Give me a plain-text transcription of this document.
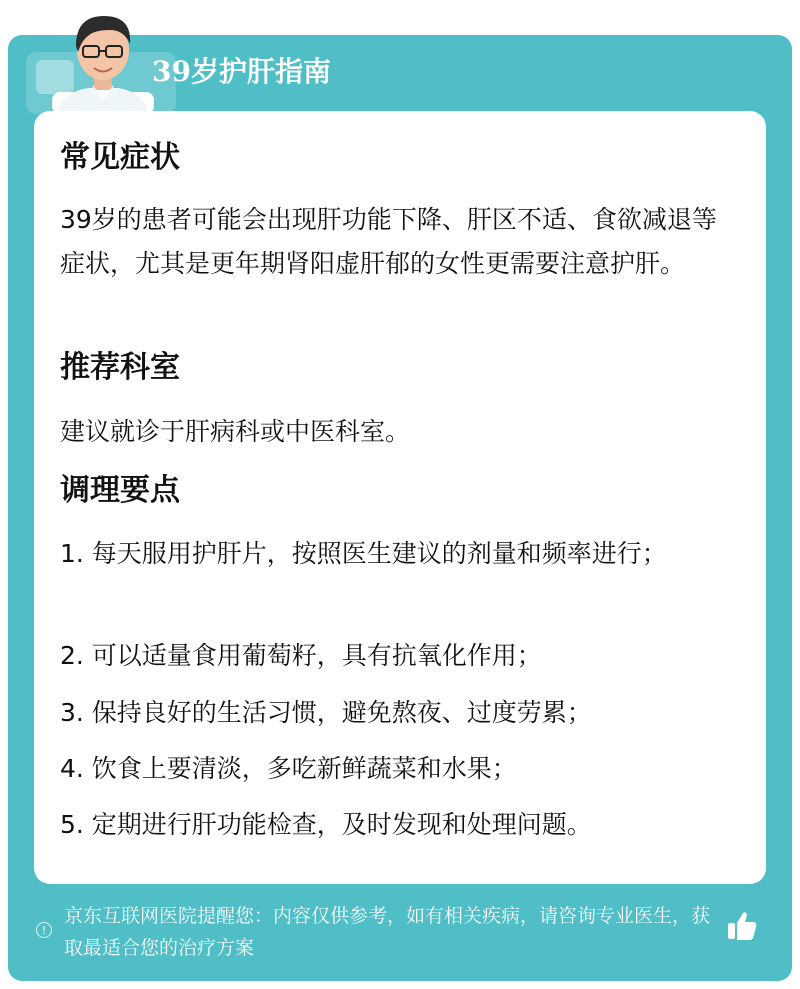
39岁护肝指南
常见症状
39岁的患者可能会出现肝功能下降、肝区不适、食欲减退等症状，尤其是更年期肾阳虚肝郁的女性更需要注意护肝。
推荐科室
建议就诊于肝病科或中医科室。
调理要点
1. 每天服用护肝片，按照医生建议的剂量和频率进行；
2. 可以适量食用葡萄籽，具有抗氧化作用；
3. 保持良好的生活习惯，避免熬夜、过度劳累；
4. 饮食上要清淡，多吃新鲜蔬菜和水果；
5. 定期进行肝功能检查，及时发现和处理问题。
!
京东互联网医院提醒您：内容仅供参考，如有相关疾病，请咨询专业医生，获取最适合您的治疗方案
